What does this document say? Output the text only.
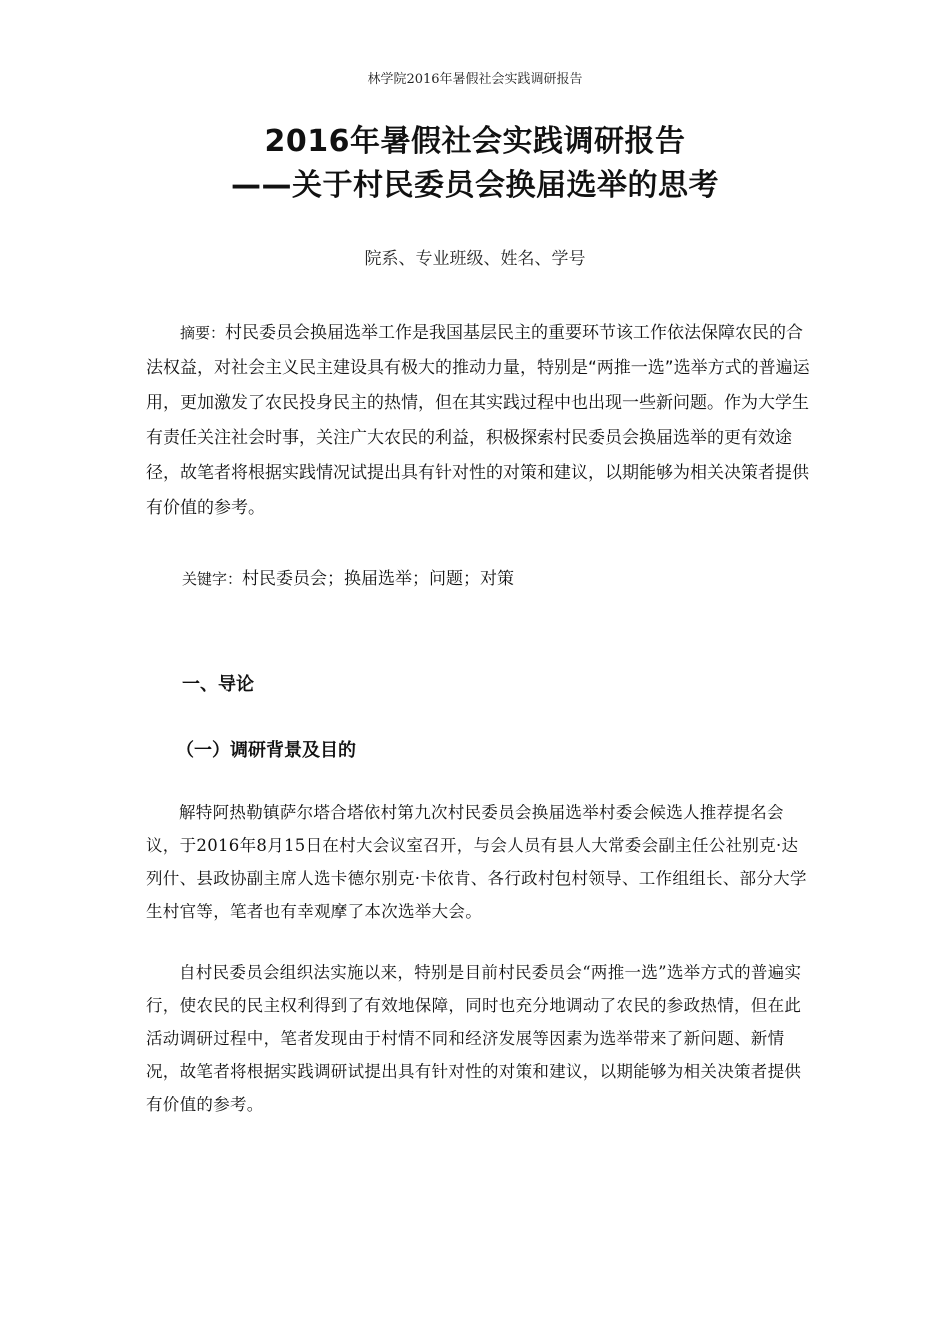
林学院2016年暑假社会实践调研报告
2016年暑假社会实践调研报告
——关于村民委员会换届选举的思考
院系、专业班级、姓名、学号

摘要：村民委员会换届选举工作是我国基层民主的重要环节该工作依法保障农民的合法权益，对社会主义民主建设具有极大的推动力量，特别是“两推一选”选举方式的普遍运用，更加激发了农民投身民主的热情，但在其实践过程中也出现一些新问题。作为大学生有责任关注社会时事，关注广大农民的利益，积极探索村民委员会换届选举的更有效途径，故笔者将根据实践情况试提出具有针对性的对策和建议，以期能够为相关决策者提供有价值的参考。

关键字：村民委员会；换届选举；问题；对策

一、导论
（一）调研背景及目的

解特阿热勒镇萨尔塔合塔依村第九次村民委员会换届选举村委会候选人推荐提名会议，于2016年8月15日在村大会议室召开，与会人员有县人大常委会副主任公社别克·达列什、县政协副主席人选卡德尔别克·卡依肯、各行政村包村领导、工作组组长、部分大学生村官等，笔者也有幸观摩了本次选举大会。

自村民委员会组织法实施以来，特别是目前村民委员会“两推一选”选举方式的普遍实行，使农民的民主权利得到了有效地保障，同时也充分地调动了农民的参政热情，但在此活动调研过程中，笔者发现由于村情不同和经济发展等因素为选举带来了新问题、新情况，故笔者将根据实践调研试提出具有针对性的对策和建议，以期能够为相关决策者提供有价值的参考。
